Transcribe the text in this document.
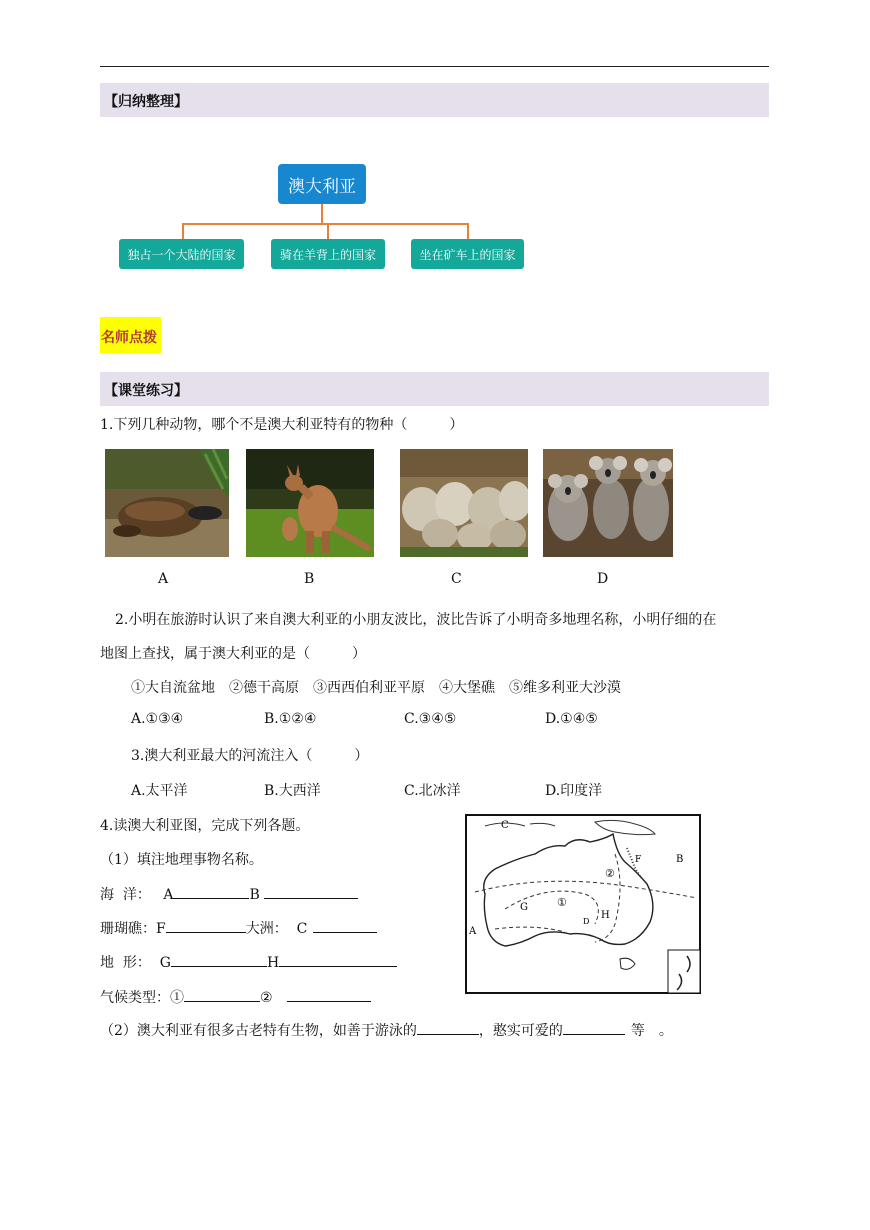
【归纳整理】
澳大利亚
独占一个大陆的国家	骑在羊背上的国家	坐在矿车上的国家
名师点拨
【课堂练习】
1.下列几种动物，哪个不是澳大利亚特有的物种（　　　）
A	B	C	D
2.小明在旅游时认识了来自澳大利亚的小朋友波比，波比告诉了小明奇多地理名称，小明仔细的在
地图上查找，属于澳大利亚的是（　　　）
①大自流盆地　②德干高原　③西西伯利亚平原　④大堡礁　⑤维多利亚大沙漠
A.①③④	B.①②④	C.③④⑤	D.①④⑤
3.澳大利亚最大的河流注入（　　　）
A.太平洋	B.大西洋	C.北冰洋	D.印度洋
4.读澳大利亚图，完成下列各题。
（1）填注地理事物名称。
海  洋： A	B
珊瑚礁：F	大洲：  C
地  形：  G	H
气候类型：①	②
（2）澳大利亚有很多古老特有生物，如善于游泳的	，憨实可爱的	等　。
C
B
A
F
G
H
①
②
D
